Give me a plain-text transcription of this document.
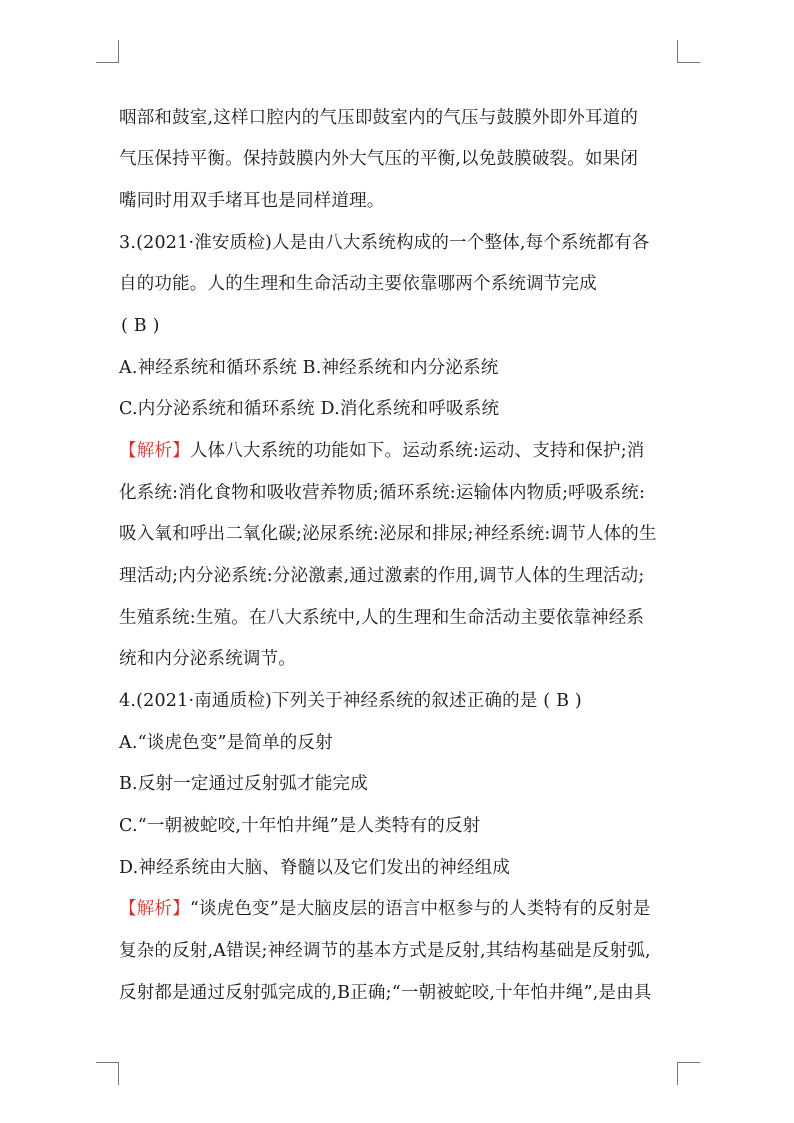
咽部和鼓室,这样口腔内的气压即鼓室内的气压与鼓膜外即外耳道的
气压保持平衡。保持鼓膜内外大气压的平衡,以免鼓膜破裂。如果闭
嘴同时用双手堵耳也是同样道理。
3.(2021·淮安质检)人是由八大系统构成的一个整体,每个系统都有各
自的功能。人的生理和生命活动主要依靠哪两个系统调节完成
( B )
A.神经系统和循环系统 B.神经系统和内分泌系统
C.内分泌系统和循环系统 D.消化系统和呼吸系统
【解析】人体八大系统的功能如下。运动系统:运动、支持和保护;消
化系统:消化食物和吸收营养物质;循环系统:运输体内物质;呼吸系统:
吸入氧和呼出二氧化碳;泌尿系统:泌尿和排尿;神经系统:调节人体的生
理活动;内分泌系统:分泌激素,通过激素的作用,调节人体的生理活动;
生殖系统:生殖。在八大系统中,人的生理和生命活动主要依靠神经系
统和内分泌系统调节。
4.(2021·南通质检)下列关于神经系统的叙述正确的是 ( B )
A.“谈虎色变”是简单的反射
B.反射一定通过反射弧才能完成
C.“一朝被蛇咬,十年怕井绳”是人类特有的反射
D.神经系统由大脑、脊髓以及它们发出的神经组成
【解析】“谈虎色变”是大脑皮层的语言中枢参与的人类特有的反射是
复杂的反射,A错误;神经调节的基本方式是反射,其结构基础是反射弧,
反射都是通过反射弧完成的,B正确;“一朝被蛇咬,十年怕井绳”,是由具
